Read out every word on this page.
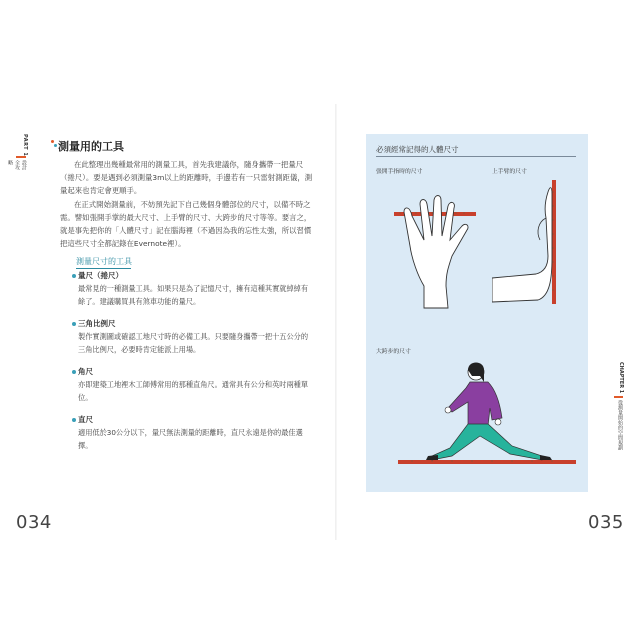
PART 1
設計全攻略
測量用的工具

在此整理出幾種最常用的測量工具，首先我建議你，隨身攜帶一把量尺（捲尺）。要是遇到必須測量3m以上的距離時，手邊若有一只雷射測距儀，測量起來也肯定會更順手。

在正式開始測量前，不妨預先記下自己幾個身體部位的尺寸，以備不時之需。譬如張開手掌的最大尺寸、上手臂的尺寸、大跨步的尺寸等等。要言之，就是事先把你的「人體尺寸」記在腦海裡（不過因為我的忘性太強，所以習慣把這些尺寸全都記錄在Evernote裡）。

測量尺寸的工具
量尺（捲尺）

最常見的一種測量工具。如果只是為了記憶尺寸，擁有這種其實就綽綽有餘了。建議購買具有煞車功能的量尺。

三角比例尺

製作實測圖或確認工地尺寸時的必備工具。只要隨身攜帶一把十五公分的三角比例尺，必要時肯定能派上用場。

角尺

亦即建築工地裡木工師傅常用的那種直角尺。通常具有公分和英吋兩種單位。

直尺

適用低於30公分以下，量尺無法測量的距離時，直尺永遠是你的最佳選擇。

034
必須經常記得的人體尺寸
張開手指時的尺寸	上手臂的尺寸
大跨步的尺寸
CHAPTER 1
從測量開始的空間規劃
035
